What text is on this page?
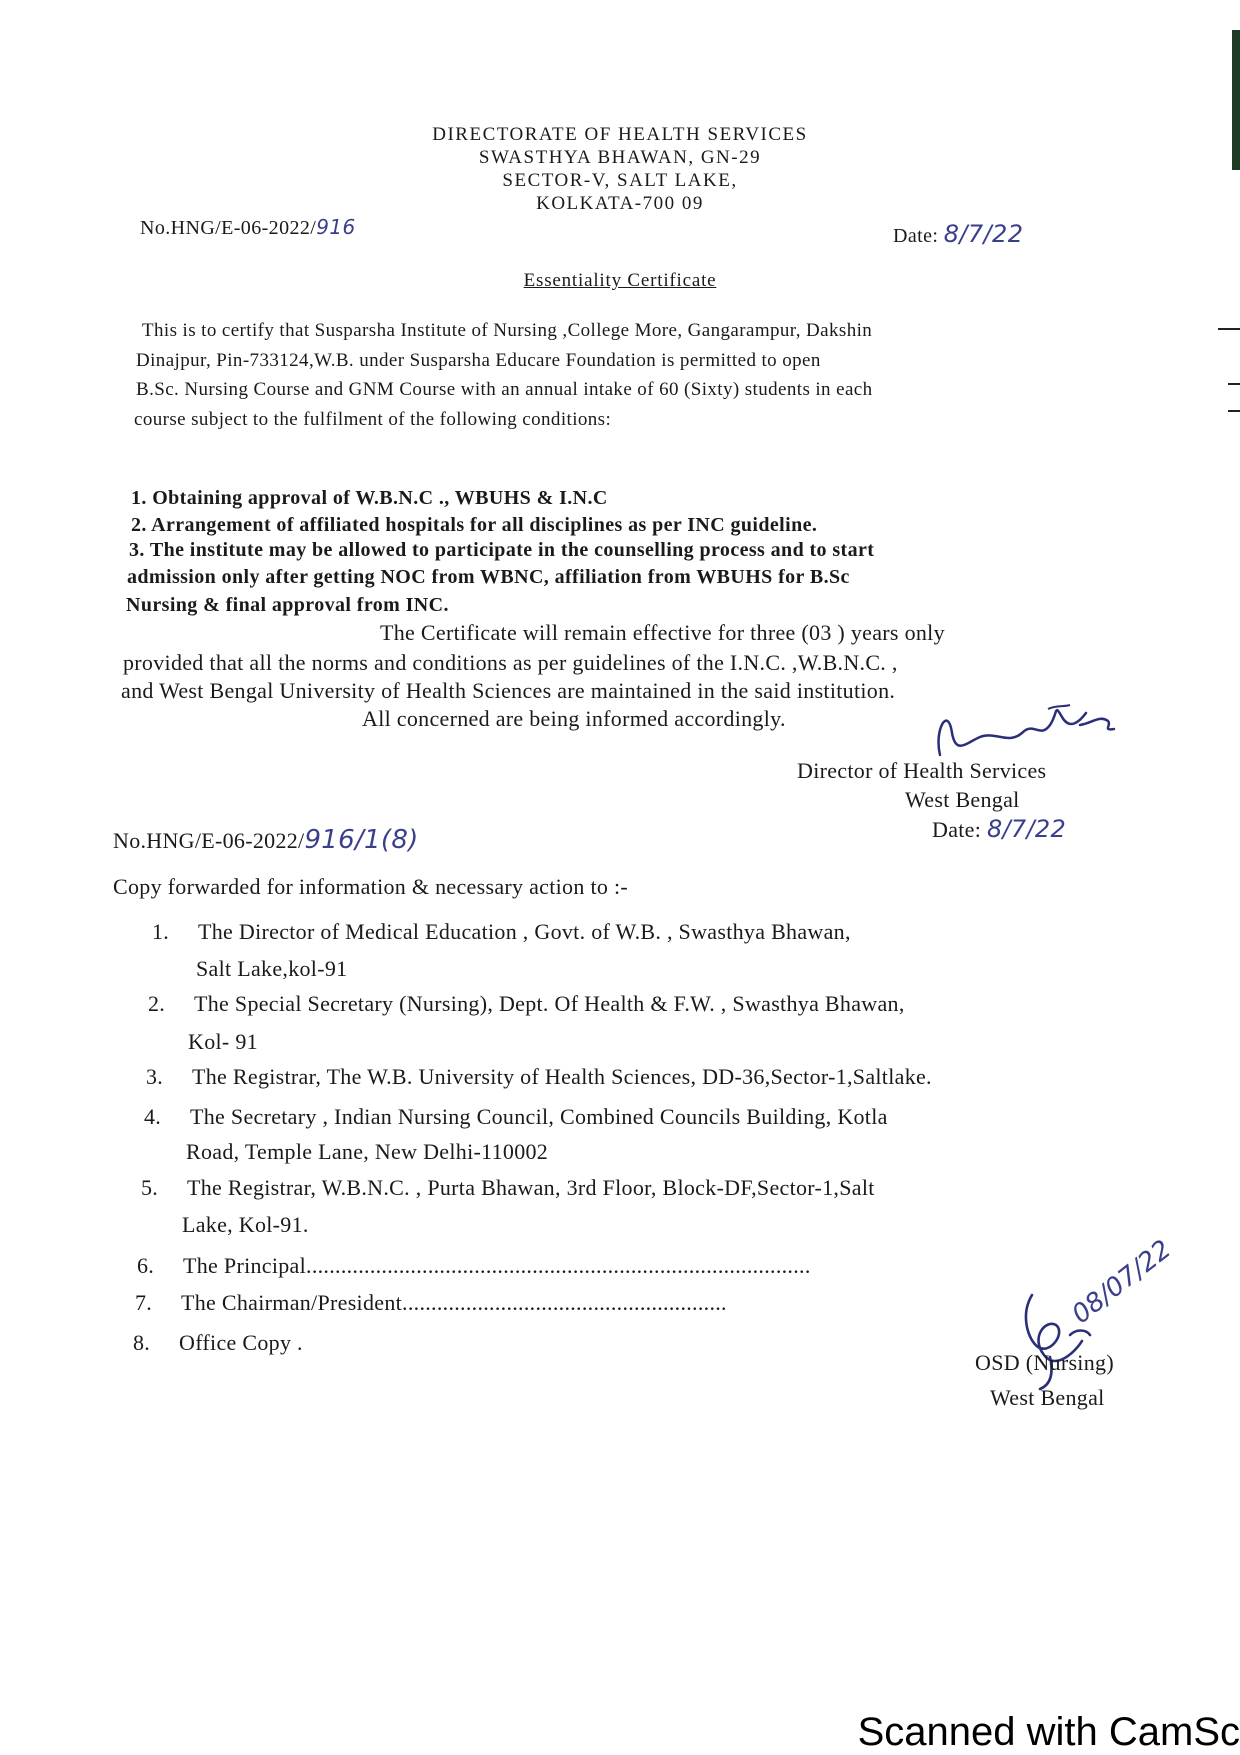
DIRECTORATE OF HEALTH SERVICES
SWASTHYA BHAWAN, GN-29
SECTOR-V, SALT LAKE,
KOLKATA-700 09
No.HNG/E-06-2022/916	Date: 8/7/22
Essentiality Certificate
This is to certify that Susparsha Institute of Nursing ,College More, Gangarampur, Dakshin
Dinajpur, Pin-733124,W.B. under Susparsha Educare Foundation is permitted to open
B.Sc. Nursing Course and GNM Course with an annual intake of 60 (Sixty) students in each
course subject to the fulfilment of the following conditions:
1. Obtaining approval of W.B.N.C ., WBUHS & I.N.C
2. Arrangement of affiliated hospitals for all disciplines as per INC guideline.
3. The institute may be allowed to participate in the counselling process and to start
admission only after getting NOC from WBNC, affiliation from WBUHS for B.Sc
Nursing & final approval from INC.
The Certificate will remain effective for three (03 ) years only
provided that all the norms and conditions as per guidelines of the I.N.C. ,W.B.N.C. ,
and West Bengal University of Health Sciences are maintained in the said institution.
All concerned are being informed accordingly.
Director of Health Services
West Bengal
Date: 8/7/22
No.HNG/E-06-2022/916/1(8)
Copy forwarded for information & necessary action to :-
1. The Director of Medical Education , Govt. of W.B. , Swasthya Bhawan,
Salt Lake,kol-91
2. The Special Secretary (Nursing), Dept. Of Health & F.W. , Swasthya Bhawan,
Kol- 91
3. The Registrar, The W.B. University of Health Sciences, DD-36,Sector-1,Saltlake.
4. The Secretary , Indian Nursing Council, Combined Councils Building, Kotla
Road, Temple Lane, New Delhi-110002
5. The Registrar, W.B.N.C. , Purta Bhawan, 3rd Floor, Block-DF,Sector-1,Salt
Lake, Kol-91.
6. The Principal.......................................................................................
7. The Chairman/President........................................................
8. Office Copy .
08/07/22
OSD (Nursing)
West Bengal
Scanned with CamSc
